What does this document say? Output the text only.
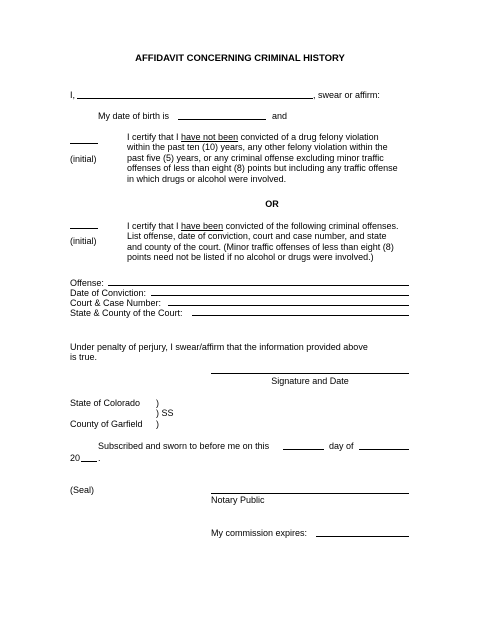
AFFIDAVIT CONCERNING CRIMINAL HISTORY
I,	, swear or affirm:
My date of birth is	and
(initial)
I certify that I have not been convicted of a drug felony violation
within the past ten (10) years, any other felony violation within the
past five (5) years, or any criminal offense excluding minor traffic
offenses of less than eight (8) points but including any traffic offense
in which drugs or alcohol were involved.
OR
(initial)
I certify that I have been convicted of the following criminal offenses.
List offense, date of conviction, court and case number, and state
and county of the court. (Minor traffic offenses of less than eight (8)
points need not be listed if no alcohol or drugs were involved.)
Offense:
Date of Conviction:
Court & Case Number:
State & County of the Court:
Under penalty of perjury, I swear/affirm that the information provided above
is true.
Signature and Date
State of Colorado )
) SS
County of Garfield )
Subscribed and sworn to before me on this	day of
20 .
(Seal)
Notary Public
My commission expires:
